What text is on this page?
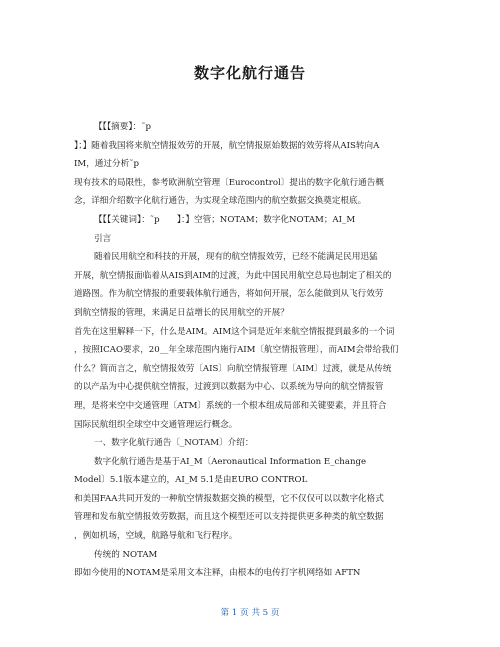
数字化航行通告
【【【摘要】：˜p
】；】随着我国将来航空情报效劳的开展，航空情报原始数据的效劳将从AIS转向A
IM，通过分析˜p
现有技术的局限性，参考欧洲航空管理〔Eurocontrol〕提出的数字化航行通告概
念，详细介绍数字化航行通告，为实现全球范围内的航空数据交换奠定根底。
【【【关键词】：˜p　　】：】空管；NOTAM；数字化NOTAM；AI_M
引言
随着民用航空和科技的开展，现有的航空情报效劳，已经不能满足民用迅猛
开展，航空情报面临着从AIS到AIM的过渡，为此中国民用航空总局也制定了相关的
道路图。作为航空情报的重要载体航行通告，将如何开展，怎么能做到从飞行效劳
到航空情报的管理，来满足日益增长的民用航空的开展？
首先在这里解释一下，什么是AIM。AIM这个词是近年来航空情报提到最多的一个词
，按照ICAO要求，20__年全球范围内施行AIM〔航空情报管理〕，而AIM会带给我们
什么？简而言之，航空情报效劳〔AIS〕向航空情报管理〔AIM〕过渡，就是从传统
的以产品为中心提供航空情报，过渡到以数据为中心、以系统为导向的航空情报管
理，是将来空中交通管理〔ATM〕系统的一个根本组成局部和关键要素，并且符合
国际民航组织全球空中交通管理运行概念。
一、数字化航行通告〔_NOTAM〕介绍：
数字化航行通告是基于AI_M〔Aeronautical Information E_change
Model〕5.1版本建立的，AI_M 5.1是由EURO CONTROL
和美国FAA共同开发的一种航空情报数据交换的模型，它不仅仅可以以数字化格式
管理和发布航空情报效劳数据，而且这个模型还可以支持提供更多种类的航空数据
，例如机场，空域，航路导航和飞行程序。
传统的 NOTAM
即如今使用的NOTAM是采用文本注释，由根本的电传打字机网络如 AFTN
第 1 页 共 5 页
